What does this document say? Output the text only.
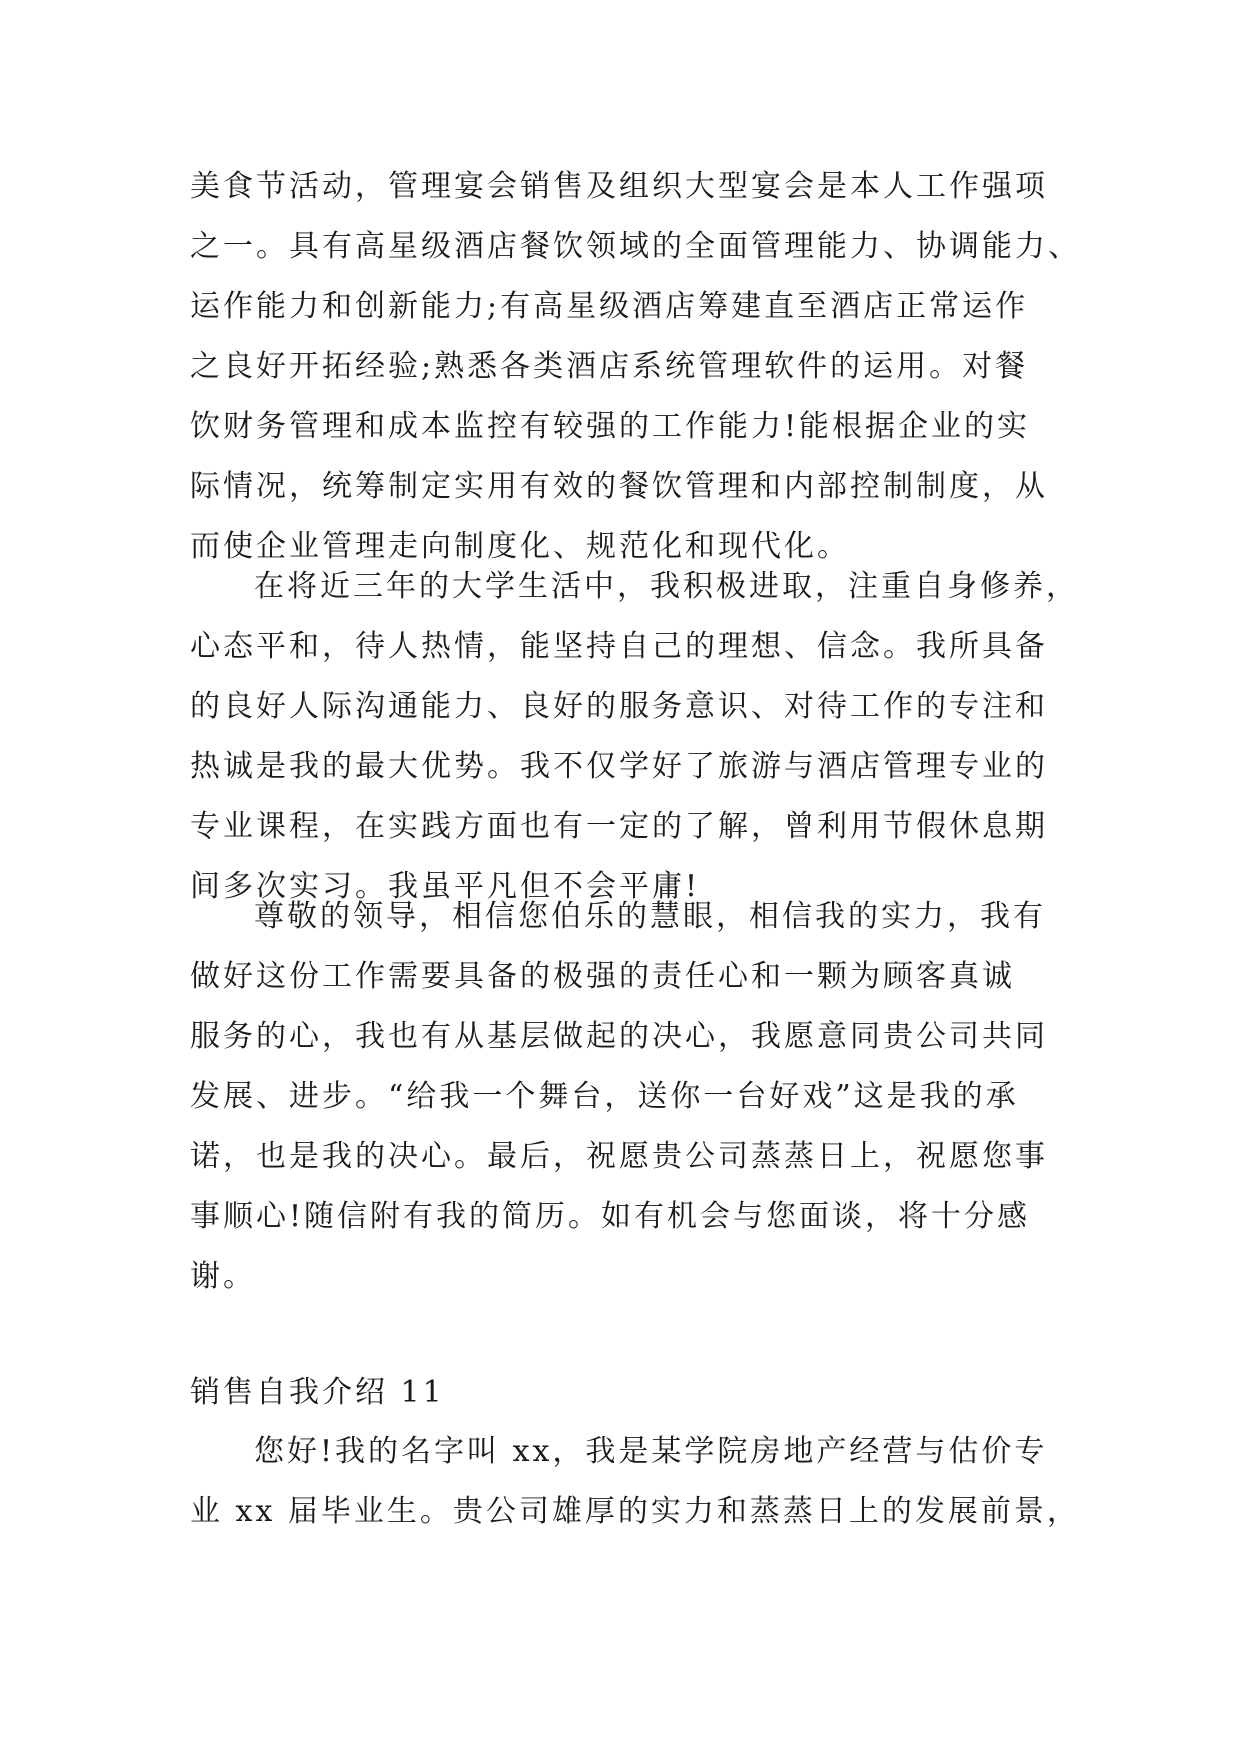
美食节活动，管理宴会销售及组织大型宴会是本人工作强项
之一。具有高星级酒店餐饮领域的全面管理能力、协调能力、
运作能力和创新能力;有高星级酒店筹建直至酒店正常运作
之良好开拓经验;熟悉各类酒店系统管理软件的运用。对餐
饮财务管理和成本监控有较强的工作能力!能根据企业的实
际情况，统筹制定实用有效的餐饮管理和内部控制制度，从
而使企业管理走向制度化、规范化和现代化。
在将近三年的大学生活中，我积极进取，注重自身修养，
心态平和，待人热情，能坚持自己的理想、信念。我所具备
的良好人际沟通能力、良好的服务意识、对待工作的专注和
热诚是我的最大优势。我不仅学好了旅游与酒店管理专业的
专业课程，在实践方面也有一定的了解，曾利用节假休息期
间多次实习。我虽平凡但不会平庸!
尊敬的领导，相信您伯乐的慧眼，相信我的实力，我有
做好这份工作需要具备的极强的责任心和一颗为顾客真诚
服务的心，我也有从基层做起的决心，我愿意同贵公司共同
发展、进步。“给我一个舞台，送你一台好戏”这是我的承
诺，也是我的决心。最后，祝愿贵公司蒸蒸日上，祝愿您事
事顺心!随信附有我的简历。如有机会与您面谈，将十分感
谢。
销售自我介绍 11
您好!我的名字叫 xx，我是某学院房地产经营与估价专
业 xx 届毕业生。贵公司雄厚的实力和蒸蒸日上的发展前景，
